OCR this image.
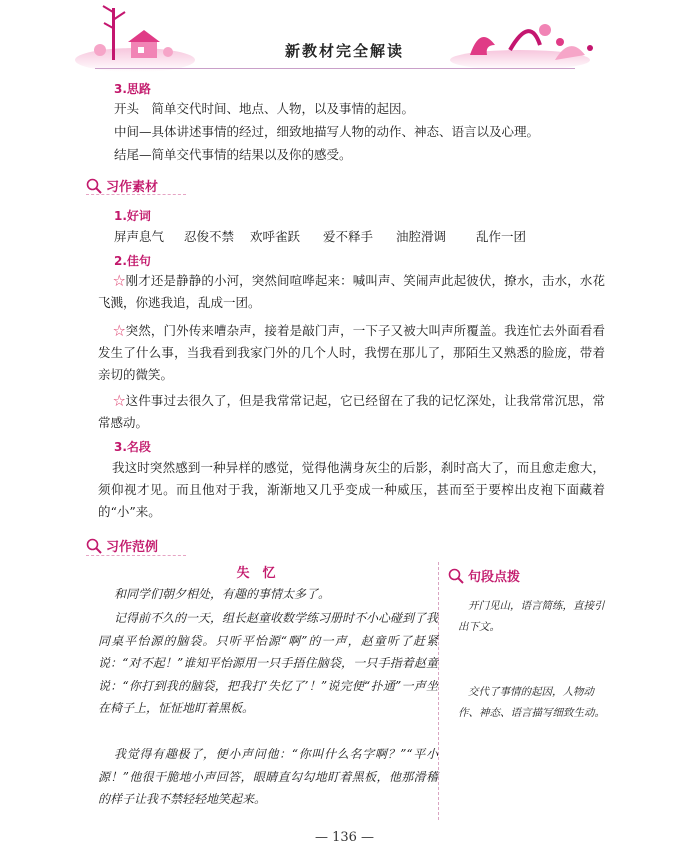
新教材完全解读
3.思路
开头　简单交代时间、地点、人物，以及事情的起因。
中间—具体讲述事情的经过，细致地描写人物的动作、神态、语言以及心理。
结尾—简单交代事情的结果以及你的感受。
习作素材
1.好词
屏声息气	忍俊不禁	欢呼雀跃	爱不释手	油腔滑调	乱作一团
2.佳句
☆刚才还是静静的小河，突然间喧哗起来：喊叫声、笑闹声此起彼伏，撩水，击水，水花飞溅，你逃我追，乱成一团。
☆突然，门外传来嘈杂声，接着是敲门声，一下子又被大叫声所覆盖。我连忙去外面看看发生了什么事，当我看到我家门外的几个人时，我愣在那儿了，那陌生又熟悉的脸庞，带着亲切的微笑。
☆这件事过去很久了，但是我常常记起，它已经留在了我的记忆深处，让我常常沉思，常常感动。
3.名段
我这时突然感到一种异样的感觉，觉得他满身灰尘的后影，刹时高大了，而且愈走愈大，须仰视才见。而且他对于我，渐渐地又几乎变成一种威压，甚而至于要榨出皮袍下面藏着的“小”来。
习作范例
失　忆
和同学们朝夕相处，有趣的事情太多了。
记得前不久的一天，组长赵童收数学练习册时不小心碰到了我同桌平怡源的脑袋。只听平怡源“啊”的一声，赵童听了赶紧说：“对不起！”谁知平怡源用一只手捂住脑袋，一只手指着赵童说：“你打到我的脑袋，把我打‘失忆了’！”说完便“扑通”一声坐在椅子上，怔怔地盯着黑板。
我觉得有趣极了，便小声问他：“你叫什么名字啊？”“平小源！”他很干脆地小声回答，眼睛直勾勾地盯着黑板，他那滑稽的样子让我不禁轻轻地笑起来。
句段点拨
开门见山，语言简练，直接引出下文。
交代了事情的起因，人物动作、神态、语言描写细致生动。
— 136 —
